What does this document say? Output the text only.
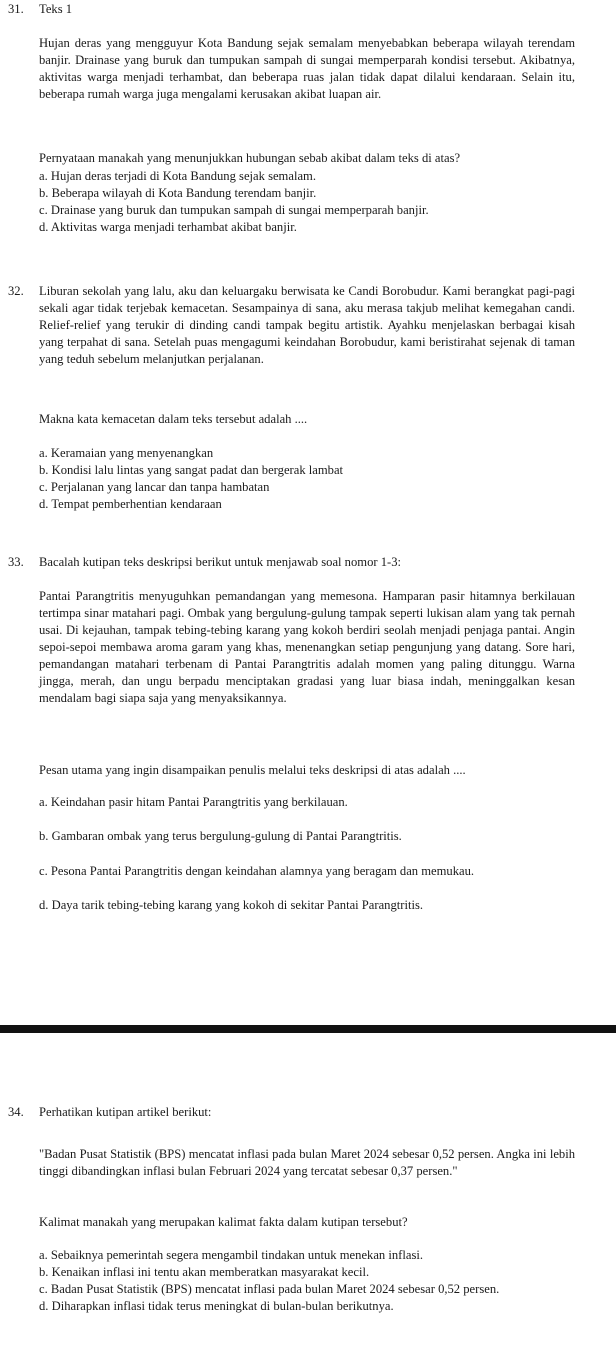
31. Teks 1

Hujan deras yang mengguyur Kota Bandung sejak semalam menyebabkan beberapa wilayah terendam banjir. Drainase yang buruk dan tumpukan sampah di sungai memperparah kondisi tersebut. Akibatnya, aktivitas warga menjadi terhambat, dan beberapa ruas jalan tidak dapat dilalui kendaraan. Selain itu, beberapa rumah warga juga mengalami kerusakan akibat luapan air.

Pernyataan manakah yang menunjukkan hubungan sebab akibat dalam teks di atas?

a. Hujan deras terjadi di Kota Bandung sejak semalam.
b. Beberapa wilayah di Kota Bandung terendam banjir.
c. Drainase yang buruk dan tumpukan sampah di sungai memperparah banjir.
d. Aktivitas warga menjadi terhambat akibat banjir.
32. Liburan sekolah yang lalu, aku dan keluargaku berwisata ke Candi Borobudur. Kami berangkat pagi-pagi sekali agar tidak terjebak kemacetan. Sesampainya di sana, aku merasa takjub melihat kemegahan candi. Relief-relief yang terukir di dinding candi tampak begitu artistik. Ayahku menjelaskan berbagai kisah yang terpahat di sana. Setelah puas mengagumi keindahan Borobudur, kami beristirahat sejenak di taman yang teduh sebelum melanjutkan perjalanan.

Makna kata kemacetan dalam teks tersebut adalah ....

a. Keramaian yang menyenangkan
b. Kondisi lalu lintas yang sangat padat dan bergerak lambat
c. Perjalanan yang lancar dan tanpa hambatan
d. Tempat pemberhentian kendaraan
33. Bacalah kutipan teks deskripsi berikut untuk menjawab soal nomor 1-3:

Pantai Parangtritis menyuguhkan pemandangan yang memesona. Hamparan pasir hitamnya berkilauan tertimpa sinar matahari pagi. Ombak yang bergulung-gulung tampak seperti lukisan alam yang tak pernah usai. Di kejauhan, tampak tebing-tebing karang yang kokoh berdiri seolah menjadi penjaga pantai. Angin sepoi-sepoi membawa aroma garam yang khas, menenangkan setiap pengunjung yang datang. Sore hari, pemandangan matahari terbenam di Pantai Parangtritis adalah momen yang paling ditunggu. Warna jingga, merah, dan ungu berpadu menciptakan gradasi yang luar biasa indah, meninggalkan kesan mendalam bagi siapa saja yang menyaksikannya.

Pesan utama yang ingin disampaikan penulis melalui teks deskripsi di atas adalah ....

a. Keindahan pasir hitam Pantai Parangtritis yang berkilauan.
b. Gambaran ombak yang terus bergulung-gulung di Pantai Parangtritis.
c. Pesona Pantai Parangtritis dengan keindahan alamnya yang beragam dan memukau.
d. Daya tarik tebing-tebing karang yang kokoh di sekitar Pantai Parangtritis.
34. Perhatikan kutipan artikel berikut:

"Badan Pusat Statistik (BPS) mencatat inflasi pada bulan Maret 2024 sebesar 0,52 persen. Angka ini lebih tinggi dibandingkan inflasi bulan Februari 2024 yang tercatat sebesar 0,37 persen."

Kalimat manakah yang merupakan kalimat fakta dalam kutipan tersebut?

a. Sebaiknya pemerintah segera mengambil tindakan untuk menekan inflasi.
b. Kenaikan inflasi ini tentu akan memberatkan masyarakat kecil.
c. Badan Pusat Statistik (BPS) mencatat inflasi pada bulan Maret 2024 sebesar 0,52 persen.
d. Diharapkan inflasi tidak terus meningkat di bulan-bulan berikutnya.
